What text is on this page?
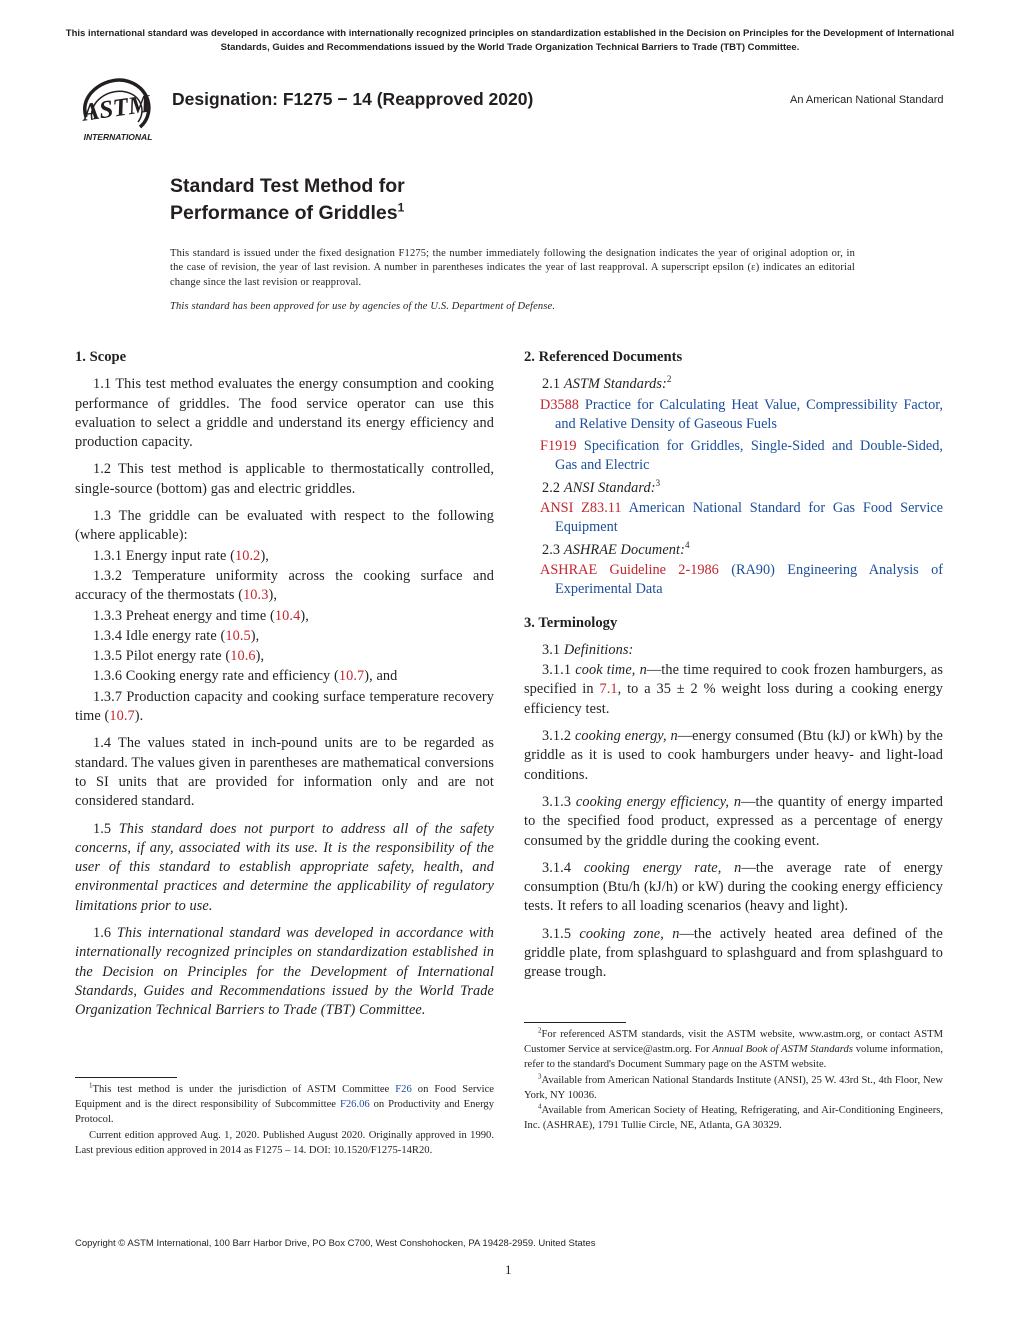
This international standard was developed in accordance with internationally recognized principles on standardization established in the Decision on Principles for the Development of International Standards, Guides and Recommendations issued by the World Trade Organization Technical Barriers to Trade (TBT) Committee.
ASTM
INTERNATIONAL
Designation: F1275 − 14 (Reapproved 2020)	An American National Standard
Standard Test Method for
Performance of Griddles$^1$
This standard is issued under the fixed designation F1275; the number immediately following the designation indicates the year of original adoption or, in the case of revision, the year of last revision. A number in parentheses indicates the year of last reapproval. A superscript epsilon (ε) indicates an editorial change since the last revision or reapproval.
This standard has been approved for use by agencies of the U.S. Department of Defense.
1. Scope
1.1 This test method evaluates the energy consumption and cooking performance of griddles. The food service operator can use this evaluation to select a griddle and understand its energy efficiency and production capacity.
1.2 This test method is applicable to thermostatically controlled, single-source (bottom) gas and electric griddles.
1.3 The griddle can be evaluated with respect to the following (where applicable):
1.3.1 Energy input rate (10.2),
1.3.2 Temperature uniformity across the cooking surface and accuracy of the thermostats (10.3),
1.3.3 Preheat energy and time (10.4),
1.3.4 Idle energy rate (10.5),
1.3.5 Pilot energy rate (10.6),
1.3.6 Cooking energy rate and efficiency (10.7), and
1.3.7 Production capacity and cooking surface temperature recovery time (10.7).
1.4 The values stated in inch-pound units are to be regarded as standard. The values given in parentheses are mathematical conversions to SI units that are provided for information only and are not considered standard.
1.5 This standard does not purport to address all of the safety concerns, if any, associated with its use. It is the responsibility of the user of this standard to establish appropriate safety, health, and environmental practices and determine the applicability of regulatory limitations prior to use.
1.6 This international standard was developed in accordance with internationally recognized principles on standardization established in the Decision on Principles for the Development of International Standards, Guides and Recommendations issued by the World Trade Organization Technical Barriers to Trade (TBT) Committee.
$^1$This test method is under the jurisdiction of ASTM Committee F26 on Food Service Equipment and is the direct responsibility of Subcommittee F26.06 on Productivity and Energy Protocol.
Current edition approved Aug. 1, 2020. Published August 2020. Originally approved in 1990. Last previous edition approved in 2014 as F1275 – 14. DOI: 10.1520/F1275-14R20.
2. Referenced Documents
2.1 ASTM Standards:$^2$
D3588 Practice for Calculating Heat Value, Compressibility Factor, and Relative Density of Gaseous Fuels
F1919 Specification for Griddles, Single-Sided and Double-Sided, Gas and Electric
2.2 ANSI Standard:$^3$
ANSI Z83.11 American National Standard for Gas Food Service Equipment
2.3 ASHRAE Document:$^4$
ASHRAE Guideline 2-1986 (RA90) Engineering Analysis of Experimental Data
3. Terminology
3.1 Definitions:
3.1.1 cook time, n—the time required to cook frozen hamburgers, as specified in 7.1, to a 35 ± 2 % weight loss during a cooking energy efficiency test.
3.1.2 cooking energy, n—energy consumed (Btu (kJ) or kWh) by the griddle as it is used to cook hamburgers under heavy- and light-load conditions.
3.1.3 cooking energy efficiency, n—the quantity of energy imparted to the specified food product, expressed as a percentage of energy consumed by the griddle during the cooking event.
3.1.4 cooking energy rate, n—the average rate of energy consumption (Btu/h (kJ/h) or kW) during the cooking energy efficiency tests. It refers to all loading scenarios (heavy and light).
3.1.5 cooking zone, n—the actively heated area defined of the griddle plate, from splashguard to splashguard and from splashguard to grease trough.
$^2$For referenced ASTM standards, visit the ASTM website, www.astm.org, or contact ASTM Customer Service at service@astm.org. For Annual Book of ASTM Standards volume information, refer to the standard's Document Summary page on the ASTM website.
$^3$Available from American National Standards Institute (ANSI), 25 W. 43rd St., 4th Floor, New York, NY 10036.
$^4$Available from American Society of Heating, Refrigerating, and Air-Conditioning Engineers, Inc. (ASHRAE), 1791 Tullie Circle, NE, Atlanta, GA 30329.
Copyright © ASTM International, 100 Barr Harbor Drive, PO Box C700, West Conshohocken, PA 19428-2959. United States
1
